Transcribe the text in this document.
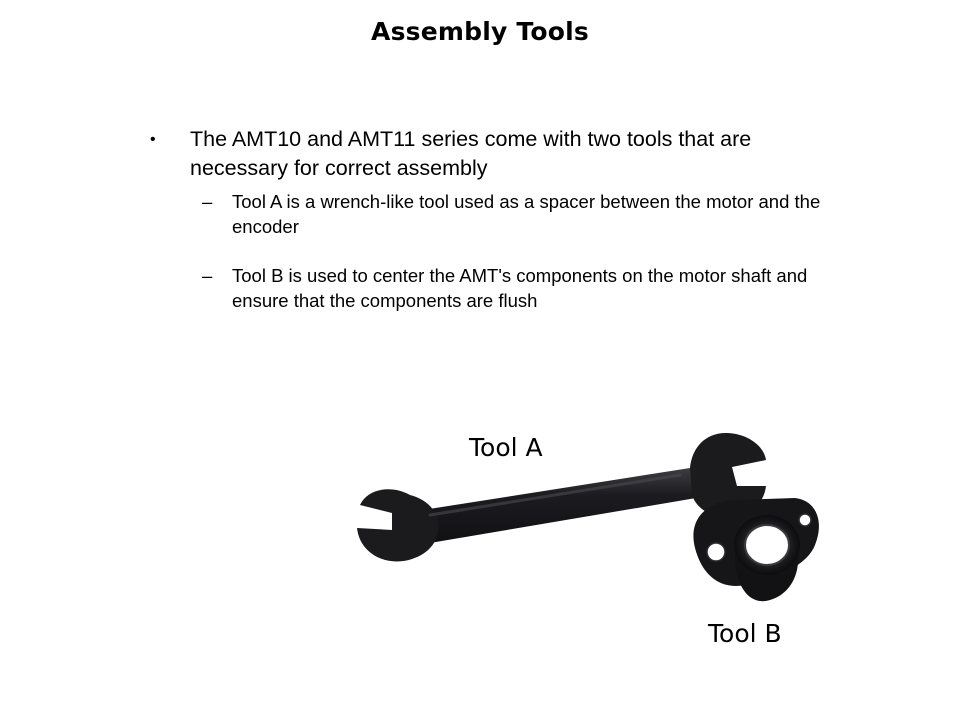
Assembly Tools
• The AMT10 and AMT11 series come with two tools that are necessary for correct assembly
– Tool A is a wrench-like tool used as a spacer between the motor and the encoder
– Tool B is used to center the AMT's components on the motor shaft and ensure that the components are flush
Tool A
Tool B
